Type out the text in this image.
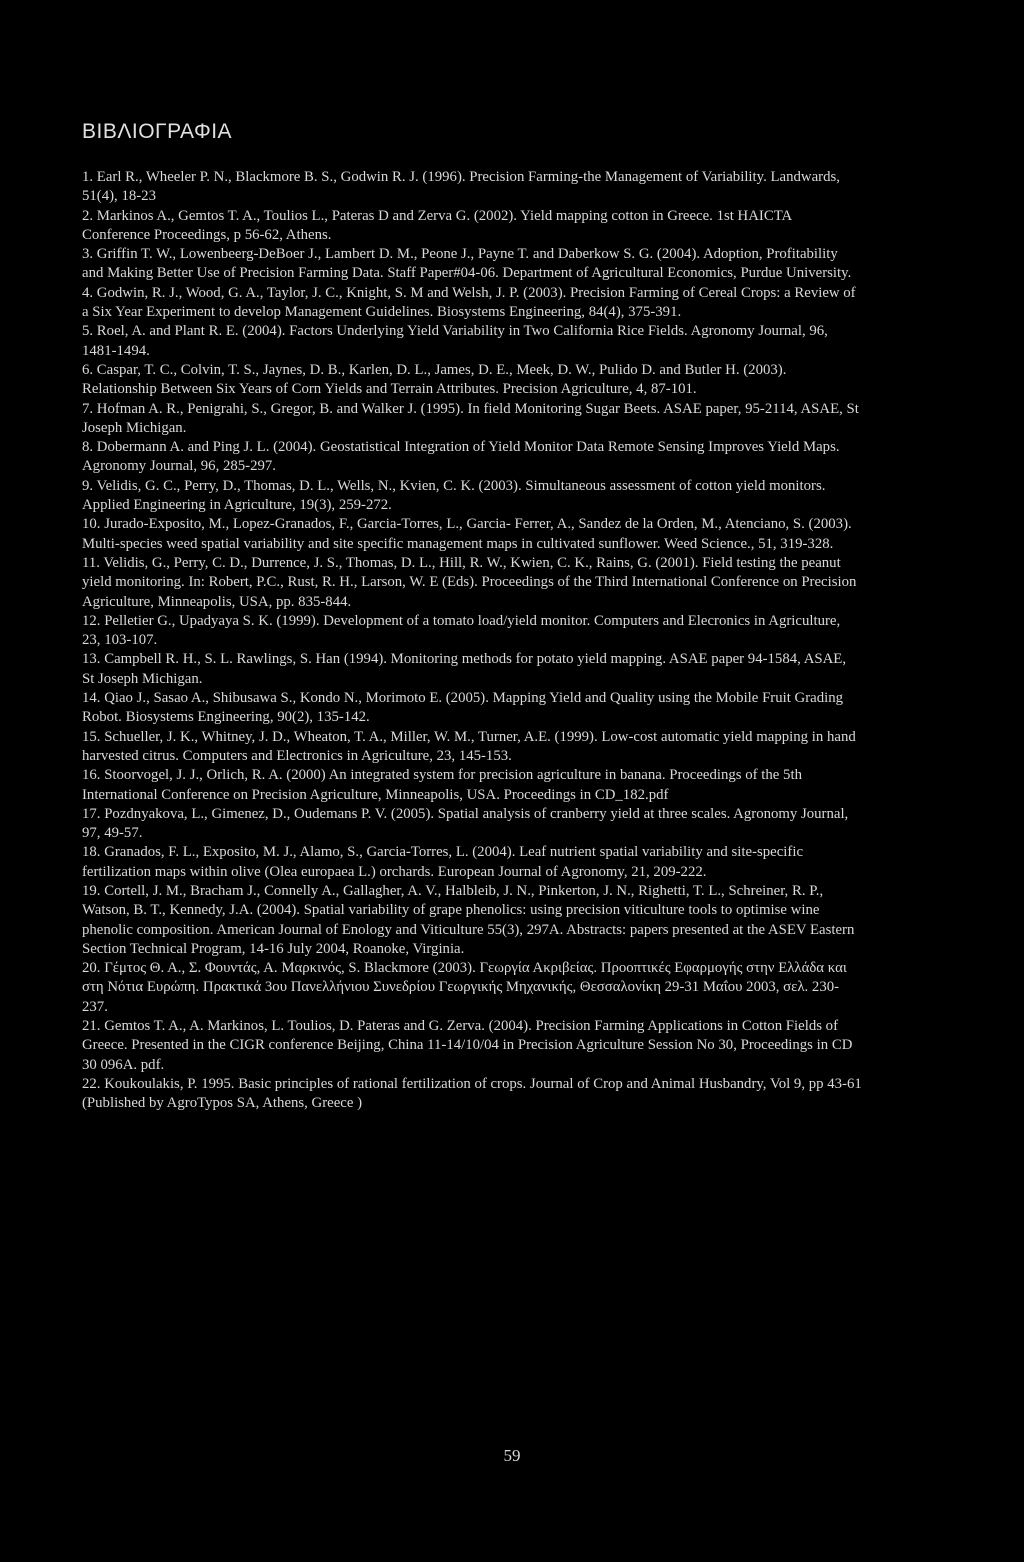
ΒΙΒΛΙΟΓΡΑΦΙΑ

1. Earl R., Wheeler P. N., Blackmore B. S., Godwin R. J. (1996). Precision Farming-the Management of Variability. Landwards, 51(4), 18-23

2. Markinos A., Gemtos T. A., Toulios L., Pateras D and Zerva G. (2002). Yield mapping cotton in Greece. 1st HAICTA Conference Proceedings, p 56-62, Athens.

3. Griffin T. W., Lowenbeerg-DeBoer J., Lambert D. M., Peone J., Payne T. and Daberkow S. G. (2004). Adoption, Profitability and Making Better Use of Precision Farming Data. Staff Paper#04-06. Department of Agricultural Economics, Purdue University.

4. Godwin, R. J., Wood, G. A., Taylor, J. C., Knight, S. M and Welsh, J. P. (2003). Precision Farming of Cereal Crops: a Review of a Six Year Experiment to develop Management Guidelines. Biosystems Engineering, 84(4), 375-391.

5. Roel, A. and Plant R. E. (2004). Factors Underlying Yield Variability in Two California Rice Fields. Agronomy Journal, 96, 1481-1494.

6. Caspar, T. C., Colvin, T. S., Jaynes, D. B., Karlen, D. L., James, D. E., Meek, D. W., Pulido D. and Butler H. (2003). Relationship Between Six Years of Corn Yields and Terrain Attributes. Precision Agriculture, 4, 87-101.

7. Hofman A. R., Penigrahi, S., Gregor, B. and Walker J. (1995). In field Monitoring Sugar Beets. ASAE paper, 95-2114, ASAE, St Joseph Michigan.

8. Dobermann A. and Ping J. L. (2004). Geostatistical Integration of Yield Monitor Data Remote Sensing Improves Yield Maps. Agronomy Journal, 96, 285-297.

9. Velidis, G. C., Perry, D., Thomas, D. L., Wells, N., Kvien, C. K. (2003). Simultaneous assessment of cotton yield monitors. Applied Engineering in Agriculture, 19(3), 259-272.

10. Jurado-Exposito, M., Lopez-Granados, F., Garcia-Torres, L., Garcia- Ferrer, A., Sandez de la Orden, M., Atenciano, S. (2003). Multi-species weed spatial variability and site specific management maps in cultivated sunflower. Weed Science., 51, 319-328.

11. Velidis, G., Perry, C. D., Durrence, J. S., Thomas, D. L., Hill, R. W., Kwien, C. K., Rains, G. (2001). Field testing the peanut yield monitoring. In: Robert, P.C., Rust, R. H., Larson, W. E (Eds). Proceedings of the Third International Conference on Precision Agriculture, Minneapolis, USA, pp. 835-844.

12. Pelletier G., Upadyaya S. K. (1999). Development of a tomato load/yield monitor. Computers and Elecronics in Agriculture, 23, 103-107.

13. Campbell R. H., S. L. Rawlings, S. Han (1994). Monitoring methods for potato yield mapping. ASAE paper 94-1584, ASAE, St Joseph Michigan.

14. Qiao J., Sasao A., Shibusawa S., Kondo N., Morimoto E. (2005). Mapping Yield and Quality using the Mobile Fruit Grading Robot. Biosystems Engineering, 90(2), 135-142.

15. Schueller, J. K., Whitney, J. D., Wheaton, T. A., Miller, W. M., Turner, A.E. (1999). Low-cost automatic yield mapping in hand harvested citrus. Computers and Electronics in Agriculture, 23, 145-153.

16. Stoorvogel, J. J., Orlich, R. A. (2000) An integrated system for precision agriculture in banana. Proceedings of the 5th International Conference on Precision Agriculture, Minneapolis, USA. Proceedings in CD_182.pdf

17. Pozdnyakova, L., Gimenez, D., Oudemans P. V. (2005). Spatial analysis of cranberry yield at three scales. Agronomy Journal, 97, 49-57.

18. Granados, F. L., Exposito, M. J., Alamo, S., Garcia-Torres, L. (2004). Leaf nutrient spatial variability and site-specific fertilization maps within olive (Olea europaea L.) orchards. European Journal of Agronomy, 21, 209-222.

19. Cortell, J. M., Bracham J., Connelly A., Gallagher, A. V., Halbleib, J. N., Pinkerton, J. N., Righetti, T. L., Schreiner, R. P., Watson, B. T., Kennedy, J.A. (2004). Spatial variability of grape phenolics: using precision viticulture tools to optimise wine phenolic composition. American Journal of Enology and Viticulture 55(3), 297A. Abstracts: papers presented at the ASEV Eastern Section Technical Program, 14-16 July 2004, Roanoke, Virginia.

20. Γέμτος Θ. Α., Σ. Φουντάς, Α. Μαρκινός, S. Blackmore (2003). Γεωργία Ακριβείας. Προοπτικές Εφαρμογής στην Ελλάδα και στη Νότια Ευρώπη. Πρακτικά 3ου Πανελλήνιου Συνεδρίου Γεωργικής Μηχανικής, Θεσσαλονίκη 29-31 Μαΐου 2003, σελ. 230-237.

21. Gemtos T. A., A. Markinos, L. Toulios, D. Pateras and G. Zerva. (2004). Precision Farming Applications in Cotton Fields of Greece. Presented in the CIGR conference Beijing, China 11-14/10/04 in Precision Agriculture Session No 30, Proceedings in CD 30 096A. pdf.

22. Koukoulakis, P. 1995. Basic principles of rational fertilization of crops. Journal of Crop and Animal Husbandry, Vol 9, pp 43-61 (Published by AgroTypos SA, Athens, Greece )

59
